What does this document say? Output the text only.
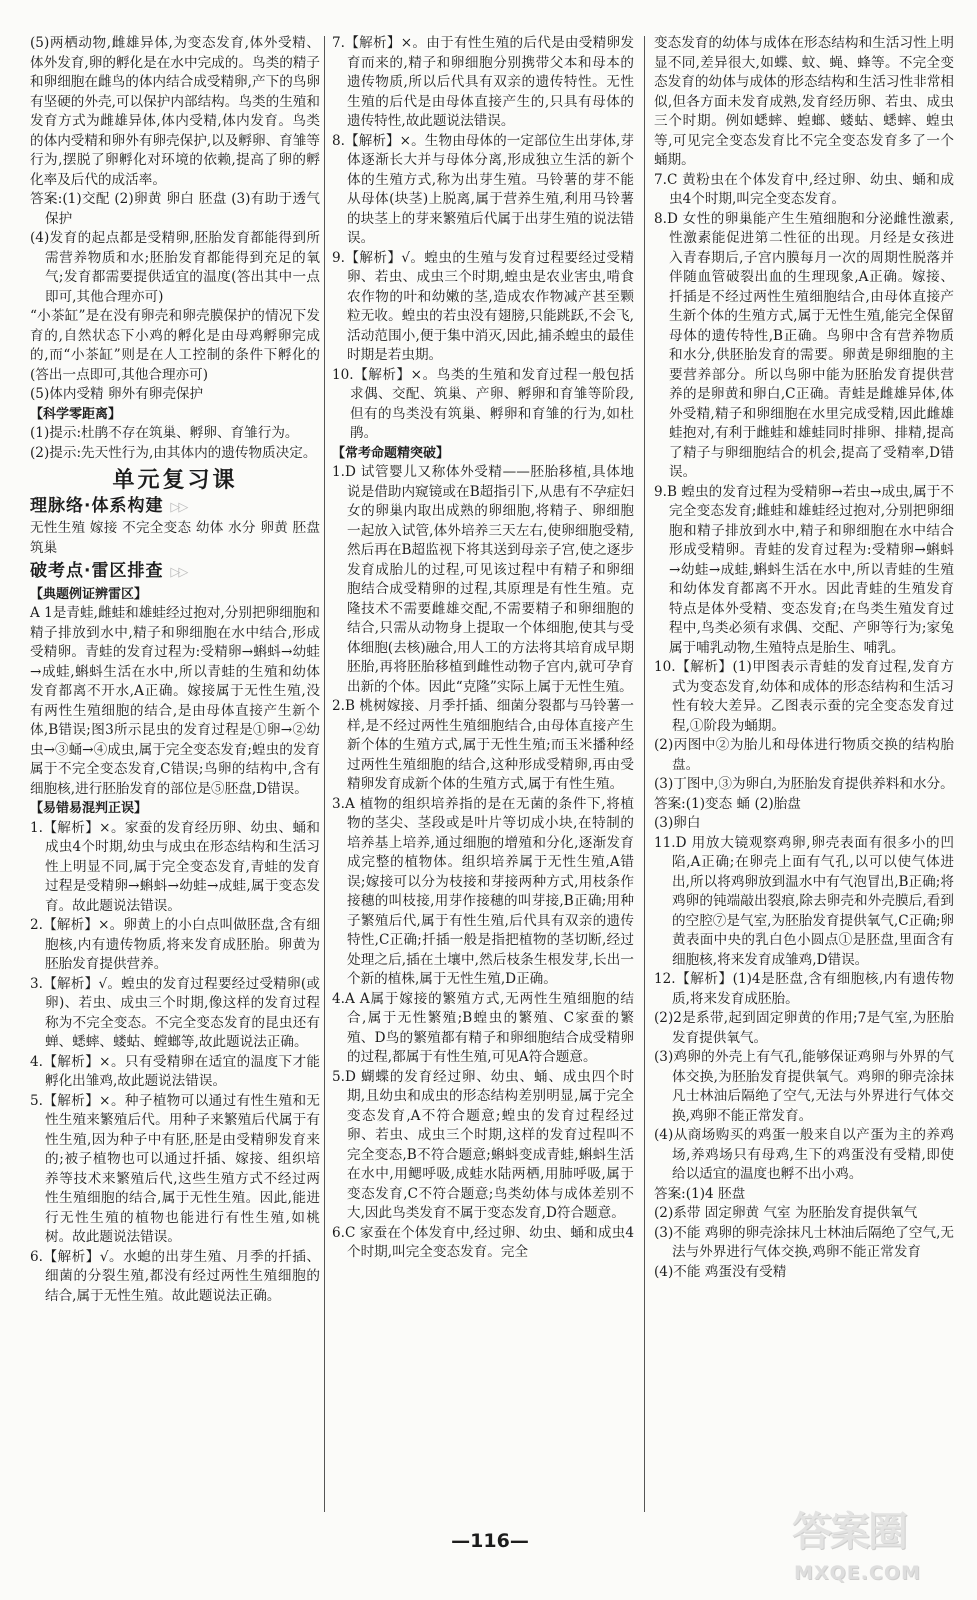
(5)两栖动物,雌雄异体,为变态发育,体外受精、体外发育,卵的孵化是在水中完成的。鸟类的精子和卵细胞在雌鸟的体内结合成受精卵,产下的鸟卵有坚硬的外壳,可以保护内部结构。鸟类的生殖和发育方式为雌雄异体,体内受精,体内发育。鸟类的体内受精和卵外有卵壳保护,以及孵卵、育雏等行为,摆脱了卵孵化对环境的依赖,提高了卵的孵化率及后代的成活率。

答案:(1)交配 (2)卵黄 卵白 胚盘 (3)有助于透气 保护

(4)发育的起点都是受精卵,胚胎发育都能得到所需营养物质和水;胚胎发育都能得到充足的氧气;发育都需要提供适宜的温度(答出其中一点即可,其他合理亦可)

“小茶缸”是在没有卵壳和卵壳膜保护的情况下发育的,自然状态下小鸡的孵化是由母鸡孵卵完成的,而“小茶缸”则是在人工控制的条件下孵化的(答出一点即可,其他合理亦可)

(5)体内受精 卵外有卵壳保护

【科学零距离】

(1)提示:杜鹃不存在筑巢、孵卵、育雏行为。

(2)提示:先天性行为,由其体内的遗传物质决定。

单元复习课
理脉络·体系构建 ▷▷

无性生殖 嫁接 不完全变态 幼体 水分 卵黄 胚盘 筑巢

破考点·雷区排查 ▷▷

【典题例证辨雷区】

A 1是青蛙,雌蛙和雄蛙经过抱对,分别把卵细胞和精子排放到水中,精子和卵细胞在水中结合,形成受精卵。青蛙的发育过程为:受精卵→蝌蚪→幼蛙→成蛙,蝌蚪生活在水中,所以青蛙的生殖和幼体发育都离不开水,A正确。嫁接属于无性生殖,没有两性生殖细胞的结合,是由母体直接产生新个体,B错误;图3所示昆虫的发育过程是①卵→②幼虫→③蛹→④成虫,属于完全变态发育;蝗虫的发育属于不完全变态发育,C错误;鸟卵的结构中,含有细胞核,进行胚胎发育的部位是⑤胚盘,D错误。

【易错易混判正误】

1.【解析】×。家蚕的发育经历卵、幼虫、蛹和成虫4个时期,幼虫与成虫在形态结构和生活习性上明显不同,属于完全变态发育,青蛙的发育过程是受精卵→蝌蚪→幼蛙→成蛙,属于变态发育。故此题说法错误。

2.【解析】×。卵黄上的小白点叫做胚盘,含有细胞核,内有遗传物质,将来发育成胚胎。卵黄为胚胎发育提供营养。

3.【解析】√。蝗虫的发育过程要经过受精卵(或卵)、若虫、成虫三个时期,像这样的发育过程称为不完全变态。不完全变态发育的昆虫还有蝉、蟋蟀、蝼蛄、螳螂等,故此题说法正确。

4.【解析】×。只有受精卵在适宜的温度下才能孵化出雏鸡,故此题说法错误。

5.【解析】×。种子植物可以通过有性生殖和无性生殖来繁殖后代。用种子来繁殖后代属于有性生殖,因为种子中有胚,胚是由受精卵发育来的;被子植物也可以通过扦插、嫁接、组织培养等技术来繁殖后代,这些生殖方式不经过两性生殖细胞的结合,属于无性生殖。因此,能进行无性生殖的植物也能进行有性生殖,如桃树。故此题说法错误。

6.【解析】√。水螅的出芽生殖、月季的扦插、细菌的分裂生殖,都没有经过两性生殖细胞的结合,属于无性生殖。故此题说法正确。

7.【解析】×。由于有性生殖的后代是由受精卵发育而来的,精子和卵细胞分别携带父本和母本的遗传物质,所以后代具有双亲的遗传特性。无性生殖的后代是由母体直接产生的,只具有母体的遗传特性,故此题说法错误。

8.【解析】×。生物由母体的一定部位生出芽体,芽体逐渐长大并与母体分离,形成独立生活的新个体的生殖方式,称为出芽生殖。马铃薯的芽不能从母体(块茎)上脱离,属于营养生殖,利用马铃薯的块茎上的芽来繁殖后代属于出芽生殖的说法错误。

9.【解析】√。蝗虫的生殖与发育过程要经过受精卵、若虫、成虫三个时期,蝗虫是农业害虫,啃食农作物的叶和幼嫩的茎,造成农作物减产甚至颗粒无收。蝗虫的若虫没有翅膀,只能跳跃,不会飞,活动范围小,便于集中消灭,因此,捕杀蝗虫的最佳时期是若虫期。

10.【解析】×。鸟类的生殖和发育过程一般包括求偶、交配、筑巢、产卵、孵卵和育雏等阶段,但有的鸟类没有筑巢、孵卵和育雏的行为,如杜鹃。

【常考命题精突破】

1.D 试管婴儿又称体外受精——胚胎移植,具体地说是借助内窥镜或在B超指引下,从患有不孕症妇女的卵巢内取出成熟的卵细胞,将精子、卵细胞一起放入试管,体外培养三天左右,使卵细胞受精,然后再在B超监视下将其送到母亲子宫,使之逐步发育成胎儿的过程,可见该过程中有精子和卵细胞结合成受精卵的过程,其原理是有性生殖。克隆技术不需要雌雄交配,不需要精子和卵细胞的结合,只需从动物身上提取一个体细胞,使其与受体细胞(去核)融合,用人工的方法将其培育成早期胚胎,再将胚胎移植到雌性动物子宫内,就可孕育出新的个体。因此“克隆”实际上属于无性生殖。

2.B 桃树嫁接、月季扦插、细菌分裂都与马铃薯一样,是不经过两性生殖细胞结合,由母体直接产生新个体的生殖方式,属于无性生殖;而玉米播种经过两性生殖细胞的结合,这种形成受精卵,再由受精卵发育成新个体的生殖方式,属于有性生殖。

3.A 植物的组织培养指的是在无菌的条件下,将植物的茎尖、茎段或是叶片等切成小块,在特制的培养基上培养,通过细胞的增殖和分化,逐渐发育成完整的植物体。组织培养属于无性生殖,A错误;嫁接可以分为枝接和芽接两种方式,用枝条作接穗的叫枝接,用芽作接穗的叫芽接,B正确;用种子繁殖后代,属于有性生殖,后代具有双亲的遗传特性,C正确;扦插一般是指把植物的茎切断,经过处理之后,插在土壤中,然后枝条生根发芽,长出一个新的植株,属于无性生殖,D正确。

4.A A属于嫁接的繁殖方式,无两性生殖细胞的结合,属于无性繁殖;B蝗虫的繁殖、C家蚕的繁殖、D鸟的繁殖都有精子和卵细胞结合成受精卵的过程,都属于有性生殖,可见A符合题意。

5.D 蝴蝶的发育经过卵、幼虫、蛹、成虫四个时期,且幼虫和成虫的形态结构差别明显,属于完全变态发育,A不符合题意;蝗虫的发育过程经过卵、若虫、成虫三个时期,这样的发育过程叫不完全变态,B不符合题意;蝌蚪变成青蛙,蝌蚪生活在水中,用鳃呼吸,成蛙水陆两栖,用肺呼吸,属于变态发育,C不符合题意;鸟类幼体与成体差别不大,因此鸟类发育不属于变态发育,D符合题意。

6.C 家蚕在个体发育中,经过卵、幼虫、蛹和成虫4个时期,叫完全变态发育。完全

变态发育的幼体与成体在形态结构和生活习性上明显不同,差异很大,如蝶、蚊、蝇、蜂等。不完全变态发育的幼体与成体的形态结构和生活习性非常相似,但各方面未发育成熟,发育经历卵、若虫、成虫三个时期。例如蟋蟀、蝗螂、蝼蛄、蟋蟀、蝗虫等,可见完全变态发育比不完全变态发育多了一个蛹期。

7.C 黄粉虫在个体发育中,经过卵、幼虫、蛹和成虫4个时期,叫完全变态发育。

8.D 女性的卵巢能产生生殖细胞和分泌雌性激素,性激素能促进第二性征的出现。月经是女孩进入青春期后,子宫内膜每月一次的周期性脱落并伴随血管破裂出血的生理现象,A正确。嫁接、扦插是不经过两性生殖细胞结合,由母体直接产生新个体的生殖方式,属于无性生殖,能完全保留母体的遗传特性,B正确。鸟卵中含有营养物质和水分,供胚胎发育的需要。卵黄是卵细胞的主要营养部分。所以鸟卵中能为胚胎发育提供营养的是卵黄和卵白,C正确。青蛙是雌雄异体,体外受精,精子和卵细胞在水里完成受精,因此雌雄蛙抱对,有利于雌蛙和雄蛙同时排卵、排精,提高了精子与卵细胞结合的机会,提高了受精率,D错误。

9.B 蝗虫的发育过程为受精卵→若虫→成虫,属于不完全变态发育;雌蛙和雄蛙经过抱对,分别把卵细胞和精子排放到水中,精子和卵细胞在水中结合形成受精卵。青蛙的发育过程为:受精卵→蝌蚪→幼蛙→成蛙,蝌蚪生活在水中,所以青蛙的生殖和幼体发育都离不开水。因此青蛙的生殖发育特点是体外受精、变态发育;在鸟类生殖发育过程中,鸟类必须有求偶、交配、产卵等行为;家兔属于哺乳动物,生殖特点是胎生、哺乳。

10.【解析】(1)甲图表示青蛙的发育过程,发育方式为变态发育,幼体和成体的形态结构和生活习性有较大差异。乙图表示蚕的完全变态发育过程,①阶段为蛹期。

(2)丙图中②为胎儿和母体进行物质交换的结构胎盘。

(3)丁图中,③为卵白,为胚胎发育提供养料和水分。

答案:(1)变态 蛹 (2)胎盘

(3)卵白

11.D 用放大镜观察鸡卵,卵壳表面有很多小的凹陷,A正确;在卵壳上面有气孔,以可以使气体进出,所以将鸡卵放到温水中有气泡冒出,B正确;将鸡卵的钝端敲出裂痕,除去卵壳和外壳膜后,看到的空腔⑦是气室,为胚胎发育提供氧气,C正确;卵黄表面中央的乳白色小圆点①是胚盘,里面含有细胞核,将来发育成雏鸡,D错误。

12.【解析】(1)4是胚盘,含有细胞核,内有遗传物质,将来发育成胚胎。

(2)2是系带,起到固定卵黄的作用;7是气室,为胚胎发育提供氧气。

(3)鸡卵的外壳上有气孔,能够保证鸡卵与外界的气体交换,为胚胎发育提供氧气。鸡卵的卵壳涂抹凡士林油后隔绝了空气,无法与外界进行气体交换,鸡卵不能正常发育。

(4)从商场购买的鸡蛋一般来自以产蛋为主的养鸡场,养鸡场只有母鸡,生下的鸡蛋没有受精,即使给以适宜的温度也孵不出小鸡。

答案:(1)4 胚盘

(2)系带 固定卵黄 气室 为胚胎发育提供氧气

(3)不能 鸡卵的卵壳涂抹凡士林油后隔绝了空气,无法与外界进行气体交换,鸡卵不能正常发育

(4)不能 鸡蛋没有受精

—116—	答案圈
MXQE.COM
